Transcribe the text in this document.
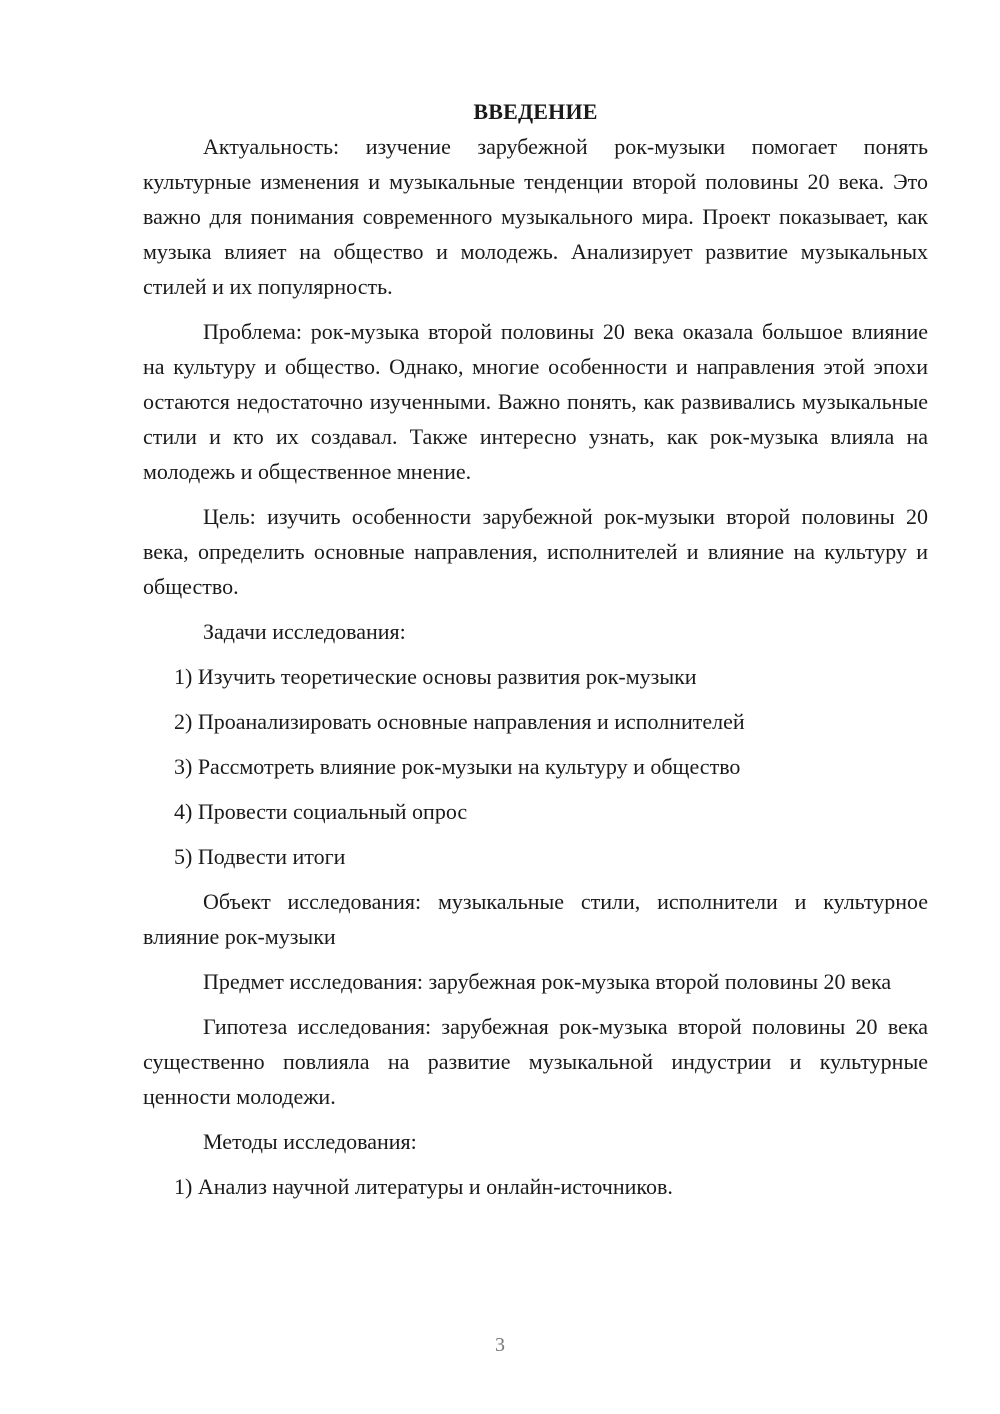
ВВЕДЕНИЕ

Актуальность: изучение зарубежной рок-музыки помогает понять культурные изменения и музыкальные тенденции второй половины 20 века. Это важно для понимания современного музыкального мира. Проект показывает, как музыка влияет на общество и молодежь. Анализирует развитие музыкальных стилей и их популярность.

Проблема: рок-музыка второй половины 20 века оказала большое влияние на культуру и общество. Однако, многие особенности и направления этой эпохи остаются недостаточно изученными. Важно понять, как развивались музыкальные стили и кто их создавал. Также интересно узнать, как рок-музыка влияла на молодежь и общественное мнение.

Цель: изучить особенности зарубежной рок-музыки второй половины 20 века, определить основные направления, исполнителей и влияние на культуру и общество.

Задачи исследования:
1) Изучить теоретические основы развития рок-музыки
2) Проанализировать основные направления и исполнителей
3) Рассмотреть влияние рок-музыки на культуру и общество
4) Провести социальный опрос
5) Подвести итоги

Объект исследования: музыкальные стили, исполнители и культурное влияние рок-музыки

Предмет исследования: зарубежная рок-музыка второй половины 20 века

Гипотеза исследования: зарубежная рок-музыка второй половины 20 века существенно повлияла на развитие музыкальной индустрии и культурные ценности молодежи.

Методы исследования:
1) Анализ научной литературы и онлайн-источников.
3
